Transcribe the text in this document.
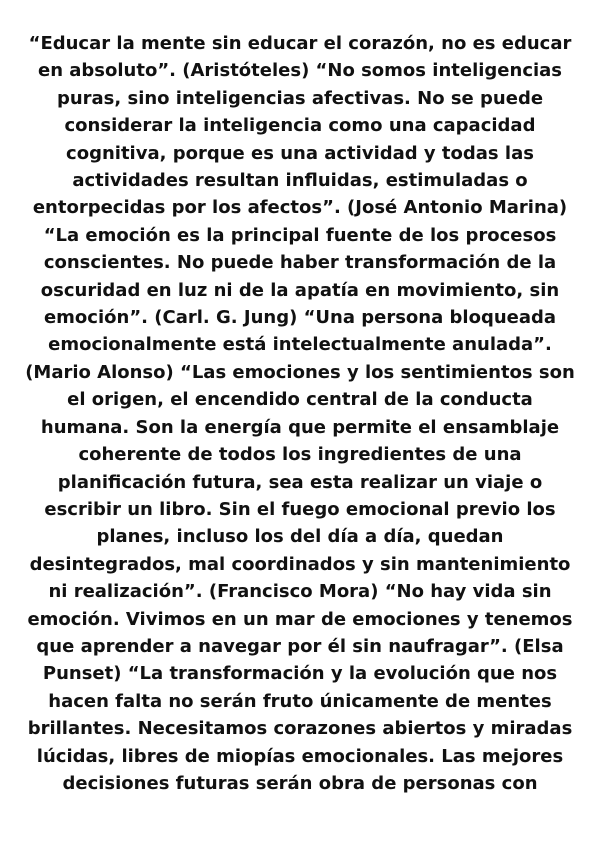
“Educar la mente sin educar el corazón, no es educar
en absoluto”. (Aristóteles) “No somos inteligencias
puras, sino inteligencias afectivas. No se puede
considerar la inteligencia como una capacidad
cognitiva, porque es una actividad y todas las
actividades resultan influidas, estimuladas o
entorpecidas por los afectos”. (José Antonio Marina)
“La emoción es la principal fuente de los procesos
conscientes. No puede haber transformación de la
oscuridad en luz ni de la apatía en movimiento, sin
emoción”. (Carl. G. Jung) “Una persona bloqueada
emocionalmente está intelectualmente anulada”.
(Mario Alonso) “Las emociones y los sentimientos son
el origen, el encendido central de la conducta
humana. Son la energía que permite el ensamblaje
coherente de todos los ingredientes de una
planificación futura, sea esta realizar un viaje o
escribir un libro. Sin el fuego emocional previo los
planes, incluso los del día a día, quedan
desintegrados, mal coordinados y sin mantenimiento
ni realización”. (Francisco Mora) “No hay vida sin
emoción. Vivimos en un mar de emociones y tenemos
que aprender a navegar por él sin naufragar”. (Elsa
Punset) “La transformación y la evolución que nos
hacen falta no serán fruto únicamente de mentes
brillantes. Necesitamos corazones abiertos y miradas
lúcidas, libres de miopías emocionales. Las mejores
decisiones futuras serán obra de personas con
